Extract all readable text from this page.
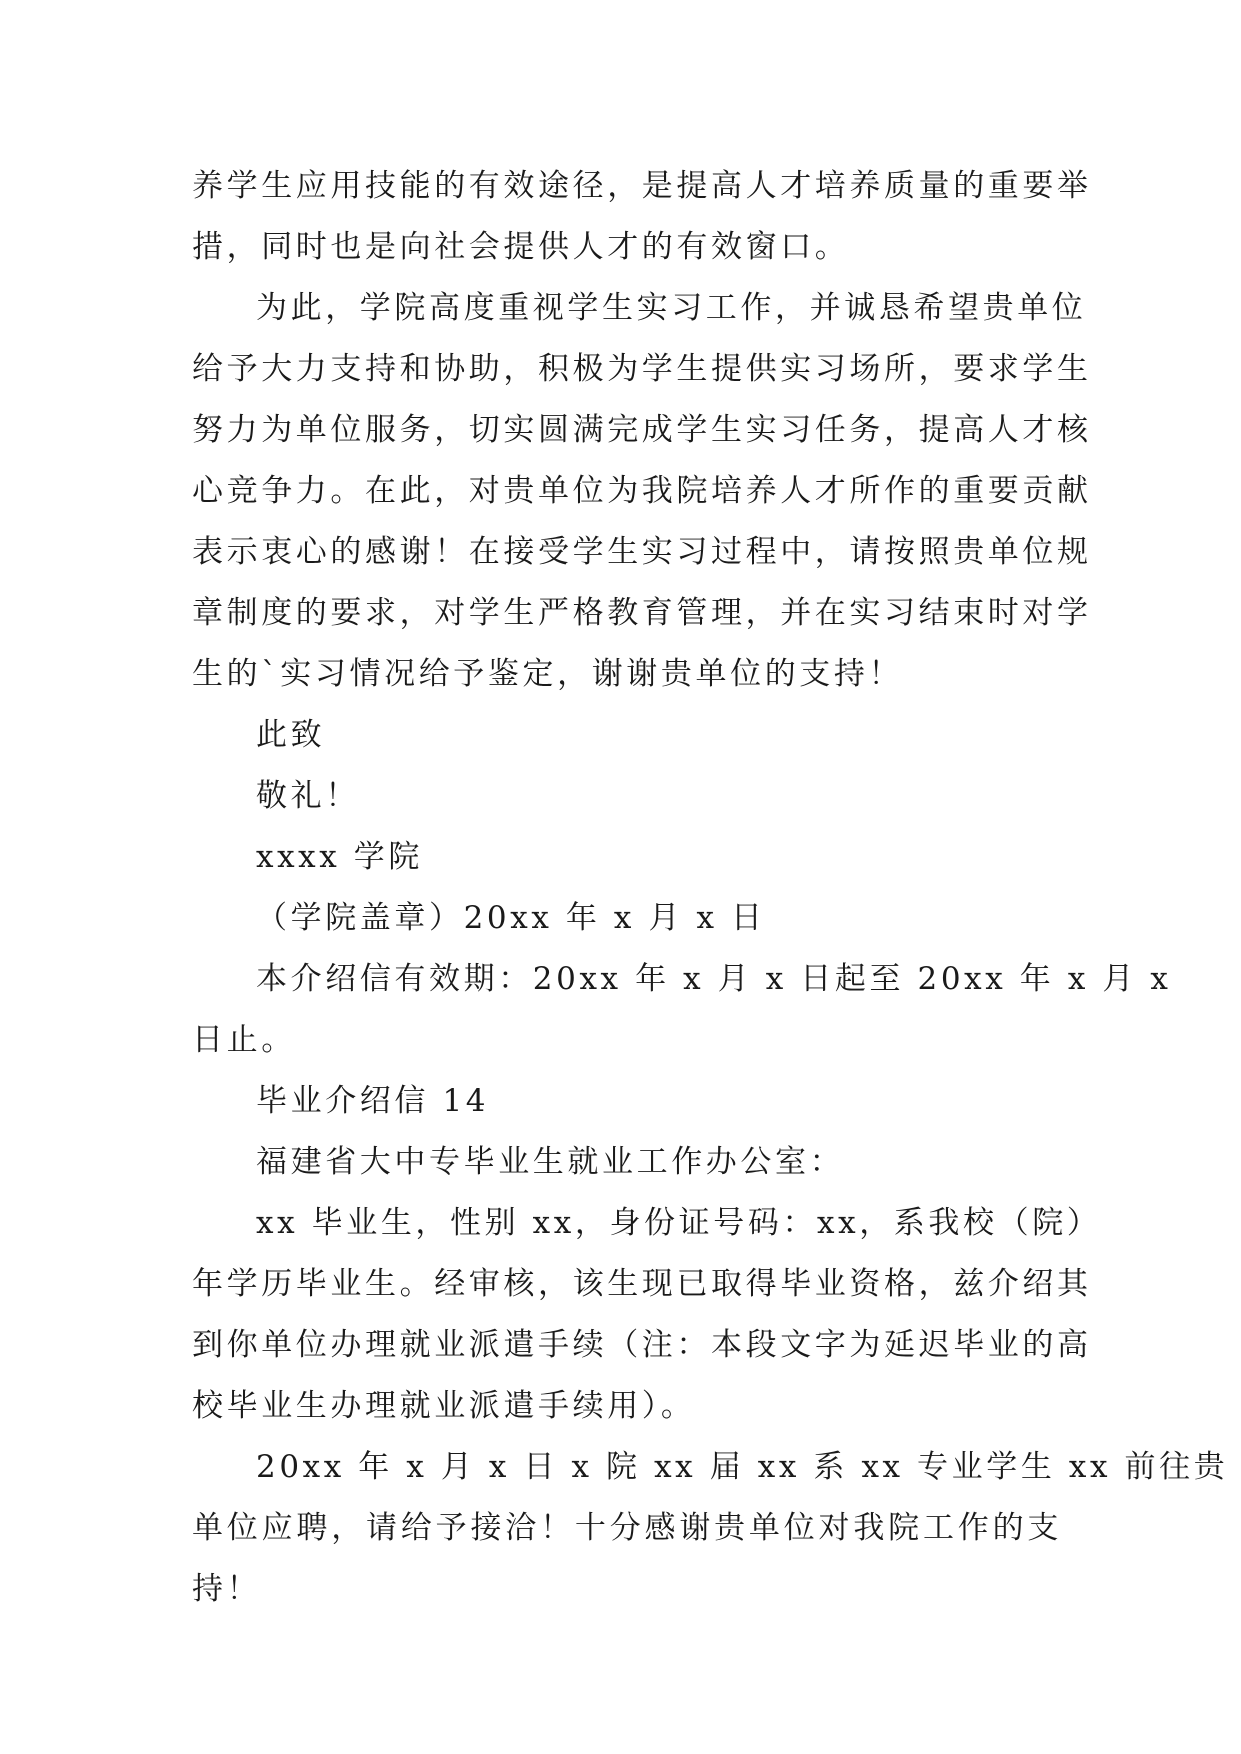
养学生应用技能的有效途径，是提高人才培养质量的重要举
措，同时也是向社会提供人才的有效窗口。
为此，学院高度重视学生实习工作，并诚恳希望贵单位
给予大力支持和协助，积极为学生提供实习场所，要求学生
努力为单位服务，切实圆满完成学生实习任务，提高人才核
心竞争力。在此，对贵单位为我院培养人才所作的重要贡献
表示衷心的感谢！在接受学生实习过程中，请按照贵单位规
章制度的要求，对学生严格教育管理，并在实习结束时对学
生的`实习情况给予鉴定，谢谢贵单位的支持！
此致
敬礼！
xxxx 学院
（学院盖章）20xx 年 x 月 x 日
本介绍信有效期：20xx 年 x 月 x 日起至 20xx 年 x 月 x
日止。
毕业介绍信 14
福建省大中专毕业生就业工作办公室：
xx 毕业生，性别 xx，身份证号码：xx，系我校（院）
年学历毕业生。经审核，该生现已取得毕业资格，兹介绍其
到你单位办理就业派遣手续（注：本段文字为延迟毕业的高
校毕业生办理就业派遣手续用）。
20xx 年 x 月 x 日 x 院 xx 届 xx 系 xx 专业学生 xx 前往贵
单位应聘，请给予接洽！十分感谢贵单位对我院工作的支
持！
